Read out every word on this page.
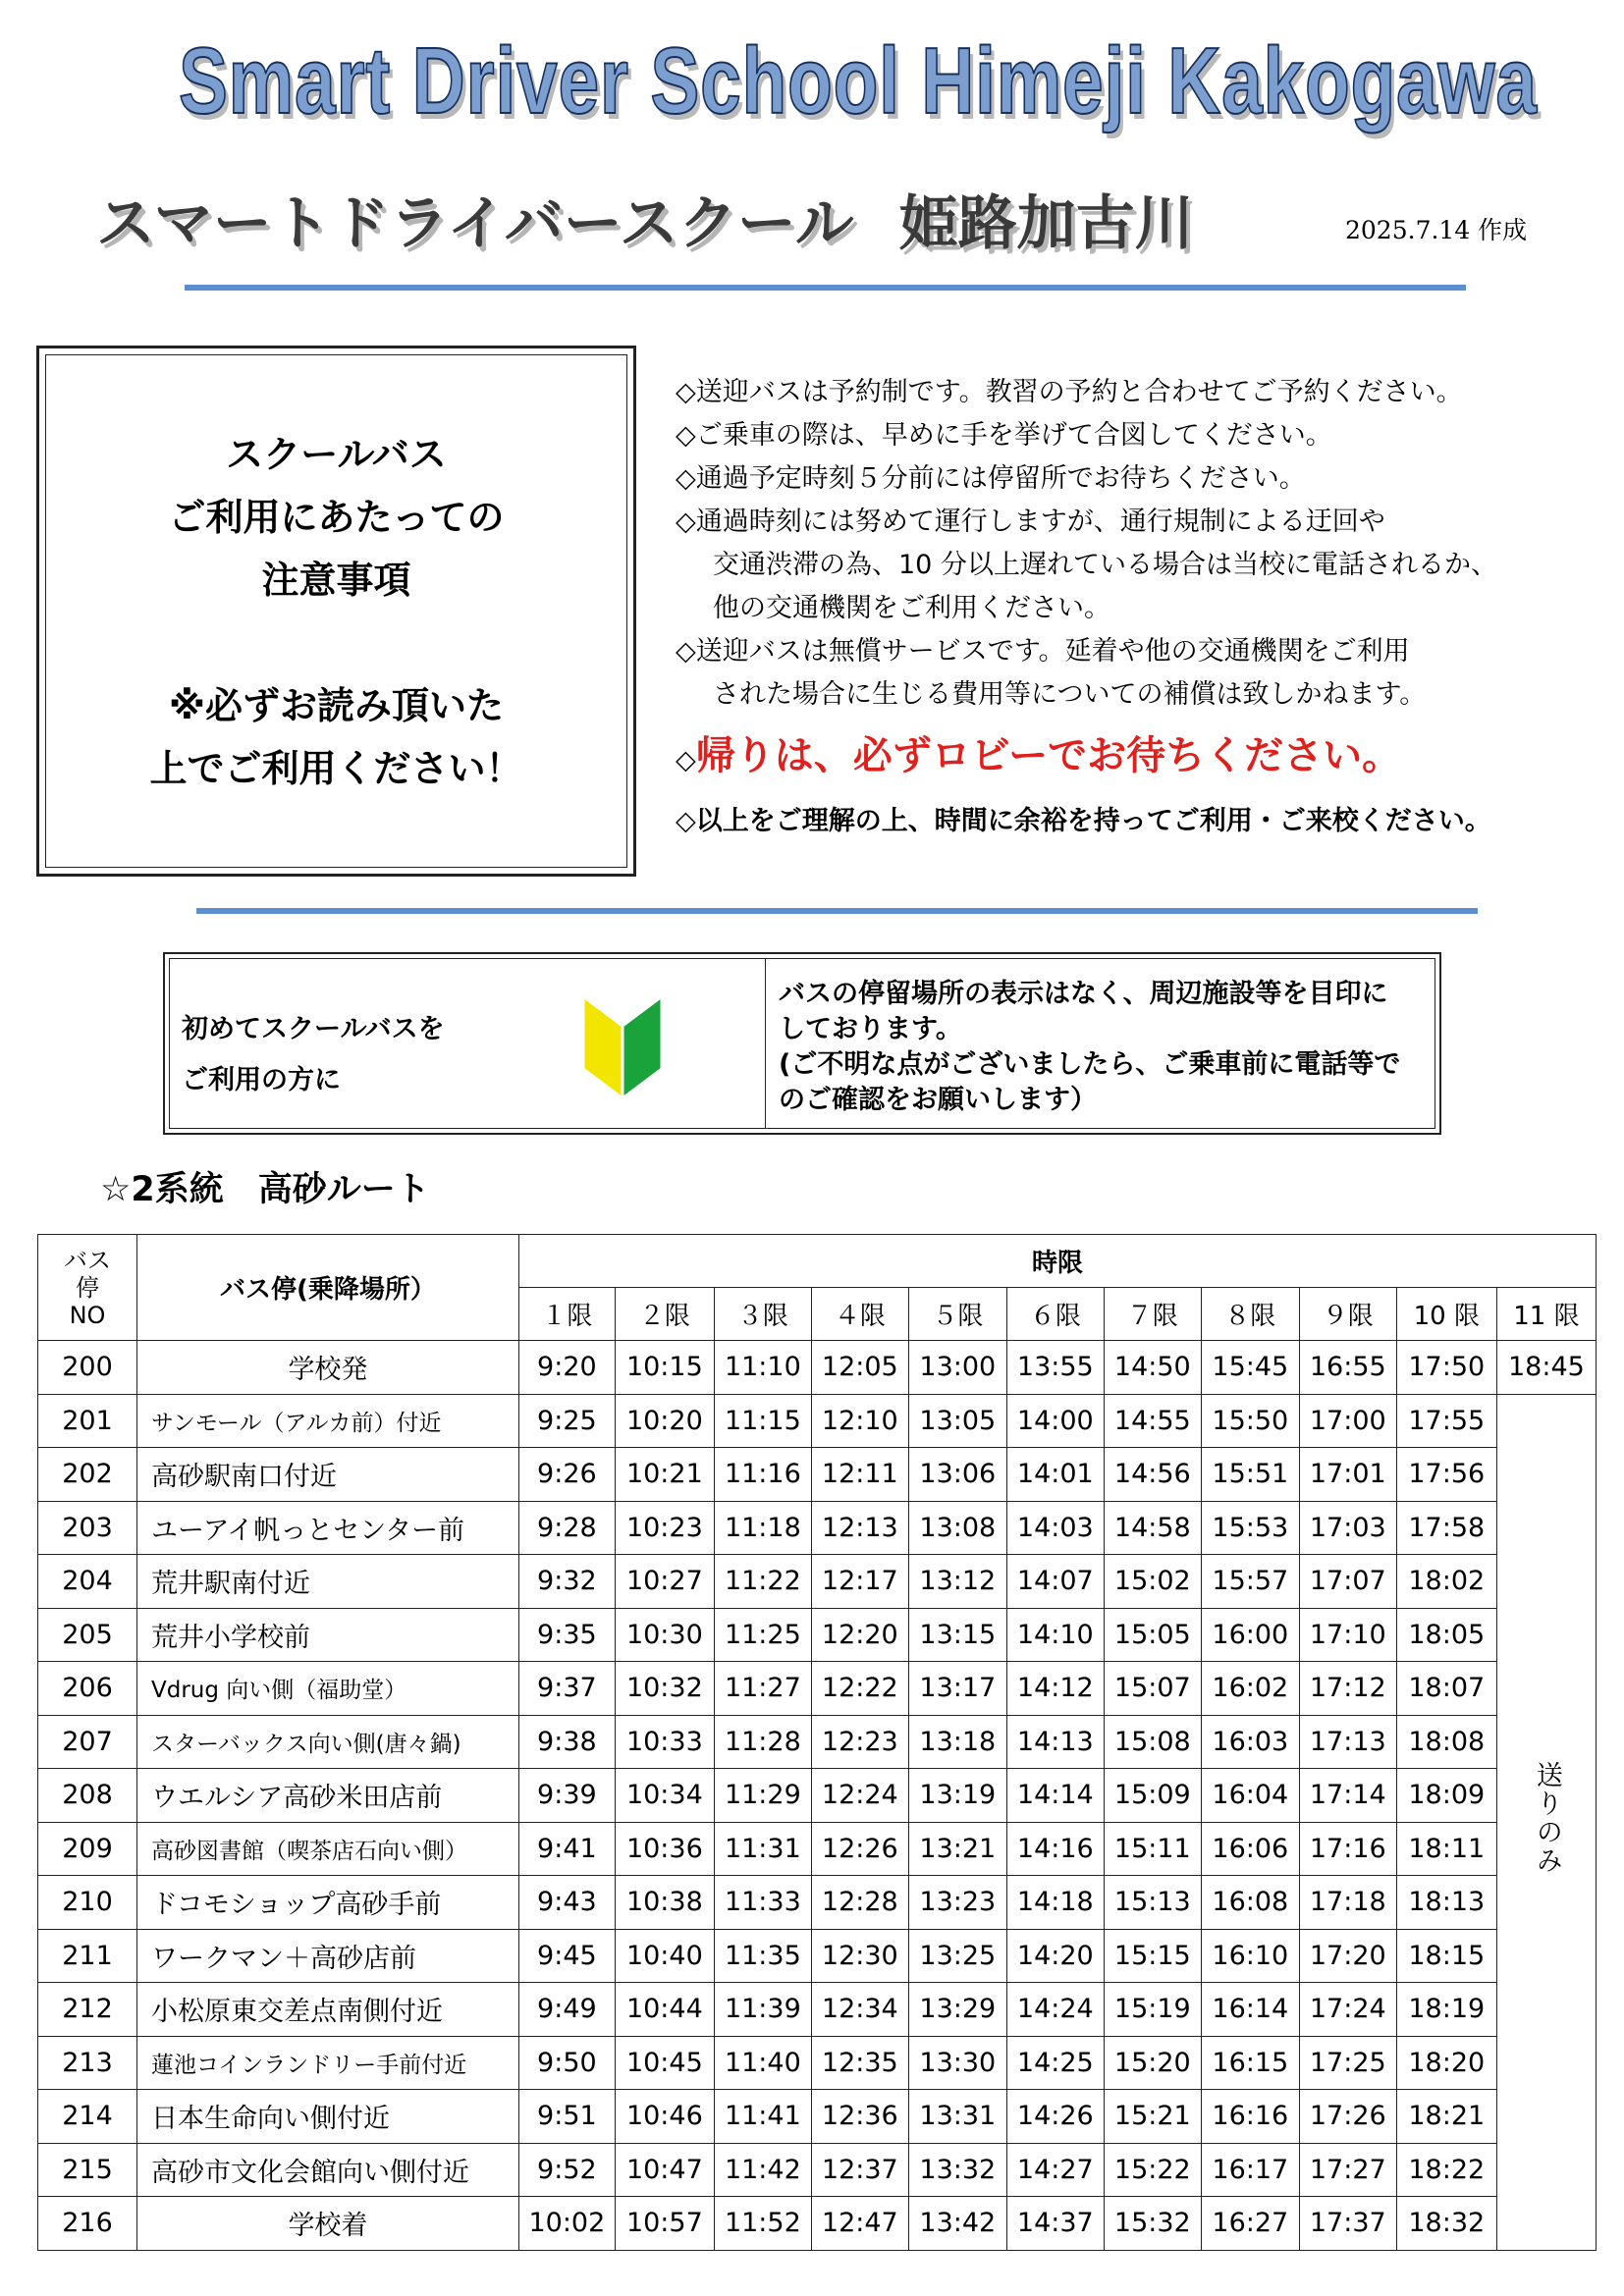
Smart Driver School Himeji Kakogawa
スマートドライバースクール 姫路加古川	2025.7.14 作成
スクールバス
ご利用にあたっての
注意事項
※必ずお読み頂いた
上でご利用ください！
◇送迎バスは予約制です。教習の予約と合わせてご予約ください。
◇ご乗車の際は、早めに手を挙げて合図してください。
◇通過予定時刻５分前には停留所でお待ちください。
◇通過時刻には努めて運行しますが、通行規制による迂回や
交通渋滞の為、10 分以上遅れている場合は当校に電話されるか、
他の交通機関をご利用ください。
◇送迎バスは無償サービスです。延着や他の交通機関をご利用
された場合に生じる費用等についての補償は致しかねます。
◇帰りは、必ずロビーでお待ちください。
◇以上をご理解の上、時間に余裕を持ってご利用・ご来校ください。
初めてスクールバスを
ご利用の方に
バスの停留場所の表示はなく、周辺施設等を目印に
しております。
(ご不明な点がございましたら、ご乗車前に電話等で
のご確認をお願いします）
☆2系統　高砂ルート
バス
停
NO	バス停(乗降場所）	時限										
		１限	２限	３限	４限	５限	６限	７限	８限	９限	10 限	11 限
200	学校発	9:20	10:15	11:10	12:05	13:00	13:55	14:50	15:45	16:55	17:50	18:45
201	サンモール（アルカ前）付近	9:25	10:20	11:15	12:10	13:05	14:00	14:55	15:50	17:00	17:55	送りのみ
202	高砂駅南口付近	9:26	10:21	11:16	12:11	13:06	14:01	14:56	15:51	17:01	17:56	
203	ユーアイ帆っとセンター前	9:28	10:23	11:18	12:13	13:08	14:03	14:58	15:53	17:03	17:58	
204	荒井駅南付近	9:32	10:27	11:22	12:17	13:12	14:07	15:02	15:57	17:07	18:02	
205	荒井小学校前	9:35	10:30	11:25	12:20	13:15	14:10	15:05	16:00	17:10	18:05	
206	Vdrug 向い側（福助堂）	9:37	10:32	11:27	12:22	13:17	14:12	15:07	16:02	17:12	18:07	
207	スターバックス向い側(唐々鍋)	9:38	10:33	11:28	12:23	13:18	14:13	15:08	16:03	17:13	18:08	
208	ウエルシア高砂米田店前	9:39	10:34	11:29	12:24	13:19	14:14	15:09	16:04	17:14	18:09	
209	高砂図書館（喫茶店石向い側）	9:41	10:36	11:31	12:26	13:21	14:16	15:11	16:06	17:16	18:11	
210	ドコモショップ高砂手前	9:43	10:38	11:33	12:28	13:23	14:18	15:13	16:08	17:18	18:13	
211	ワークマン＋高砂店前	9:45	10:40	11:35	12:30	13:25	14:20	15:15	16:10	17:20	18:15	
212	小松原東交差点南側付近	9:49	10:44	11:39	12:34	13:29	14:24	15:19	16:14	17:24	18:19	
213	蓮池コインランドリー手前付近	9:50	10:45	11:40	12:35	13:30	14:25	15:20	16:15	17:25	18:20	
214	日本生命向い側付近	9:51	10:46	11:41	12:36	13:31	14:26	15:21	16:16	17:26	18:21	
215	高砂市文化会館向い側付近	9:52	10:47	11:42	12:37	13:32	14:27	15:22	16:17	17:27	18:22	
216	学校着	10:02	10:57	11:52	12:47	13:42	14:37	15:32	16:27	17:37	18:32	
